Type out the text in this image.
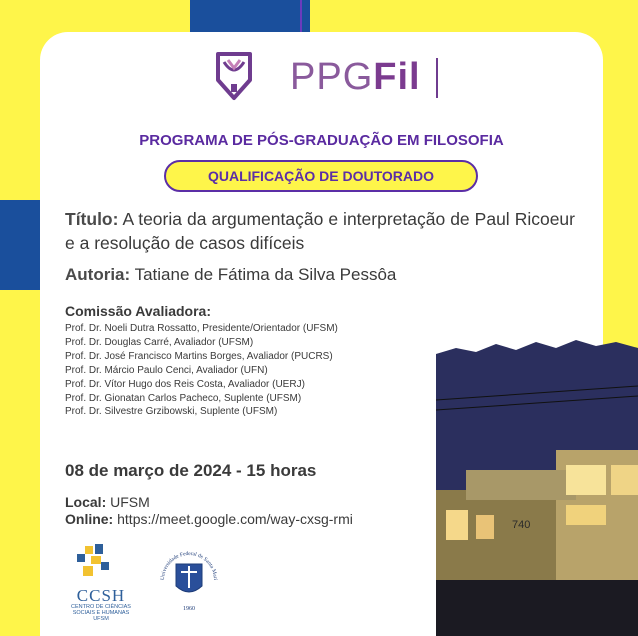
PPGFil
PROGRAMA DE PÓS-GRADUAÇÃO EM FILOSOFIA
QUALIFICAÇÃO DE DOUTORADO
Título: A teoria da argumentação e interpretação de Paul Ricoeur e a resolução de casos difíceis
Autoria: Tatiane de Fátima da Silva Pessôa
Comissão Avaliadora:
Prof. Dr. Noeli Dutra Rossatto, Presidente/Orientador (UFSM)
Prof. Dr. Douglas Carré, Avaliador (UFSM)
Prof. Dr. José Francisco Martins Borges, Avaliador (PUCRS)
Prof. Dr. Márcio Paulo Cenci, Avaliador (UFN)
Prof. Dr. Vítor Hugo dos Reis Costa, Avaliador (UERJ)
Prof. Dr. Gionatan Carlos Pacheco, Suplente (UFSM)
Prof. Dr. Silvestre Grzibowski, Suplente (UFSM)
08 de março de 2024 - 15 horas
Local: UFSM
Online: https://meet.google.com/way-cxsg-rmi	740
CCSH
CENTRO DE CIÊNCIAS
SOCIAIS E HUMANAS
UFSM
Universidade Federal de Santa Mari
1960
